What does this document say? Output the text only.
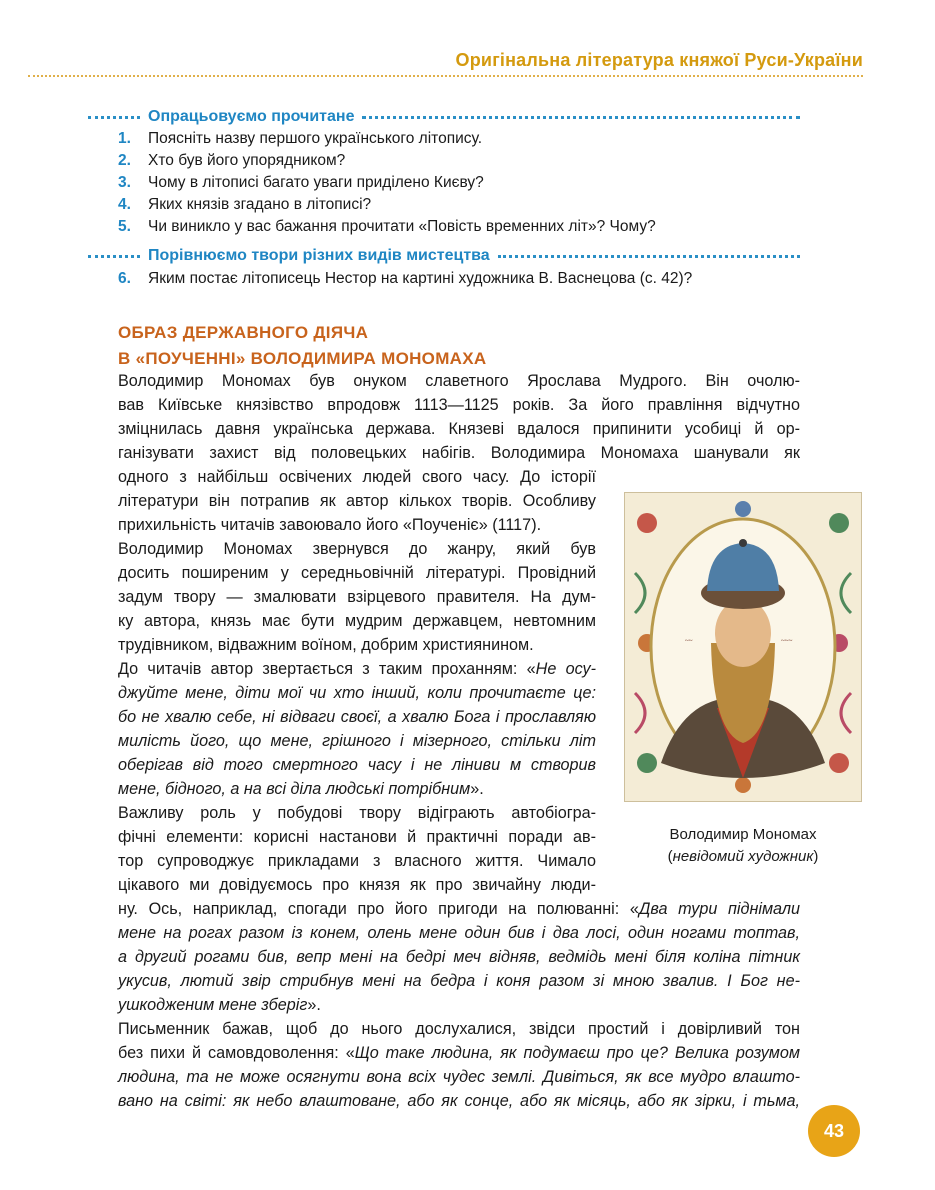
Оригінальна література княжої Руси-України
Опрацьовуємо прочитане
1.	Поясніть назву першого українського літопису.
2.	Хто був його упорядником?
3.	Чому в літописі багато уваги приділено Києву?
4.	Яких князів згадано в літописі?
5.	Чи виникло у вас бажання прочитати «Повість временних літ»? Чому?
Порівнюємо твори різних видів мистецтва
6.	Яким постає літописець Нестор на картині художника В. Васнецова (с. 42)?
ОБРАЗ ДЕРЖАВНОГО ДІЯЧА
В «ПОУЧЕННІ» ВОЛОДИМИРА МОНОМАХА
Володимир Мономах був онуком славетного Ярослава Мудрого. Він очолю-
вав Київське князівство впродовж 1113—1125 років. За його правління відчутно
зміцнилась давня українська держава. Князеві вдалося припинити усобиці й ор-
ганізувати захист від половецьких набігів. Володимира Мономаха шанували як
одного з найбільш освічених людей свого часу. До історії
літератури він потрапив як автор кількох творів. Особливу
прихильність читачів завоювало його «Поученіє» (1117).
Володимир Мономах звернувся до жанру, який був
досить поширеним у середньовічній літературі. Провідний
задум твору — змалювати взірцевого правителя. На дум-
ку автора, князь має бути мудрим державцем, невтомним
трудівником, відважним воїном, добрим християнином.
До читачів автор звертається з таким проханням: «Не осу-
джуйте мене, діти мої чи хто інший, коли прочитаєте це:
бо не хвалю себе, ні відваги своєї, а хвалю Бога і прославляю
милість його, що мене, грішного і мізерного, стільки літ
оберігав від того смертного часу і не ліниви м створив
мене, бідного, а на всі діла людські потрібним».
Важливу роль у побудові твору відіграють автобіогра-
фічні елементи: корисні настанови й практичні поради ав-
тор супроводжує прикладами з власного життя. Чимало
цікавого ми довідуємось про князя як про звичайну люди-
ну. Ось, наприклад, спогади про його пригоди на полюванні: «Два тури піднімали
мене на рогах разом із конем, олень мене один бив і два лосі, один ногами топтав,
а другий рогами бив, вепр мені на бедрі меч відняв, ведмідь мені біля коліна пітник
укусив, лютий звір стрибнув мені на бедра і коня разом зі мною звалив. І Бог не-
ушкодженим мене зберіг».
Письменник бажав, щоб до нього дослухалися, звідси простий і довірливий тон
без пихи й самовдоволення: «Що таке людина, як подумаєш про це? Велика розумом
людина, та не може осягнути вона всіх чудес землі. Дивіться, як все мудро влашто-
вано на світі: як небо влаштоване, або як сонце, або як місяць, або як зірки, і тьма,
~~	~~~
Володимир Мономах
(невідомий художник)
43
